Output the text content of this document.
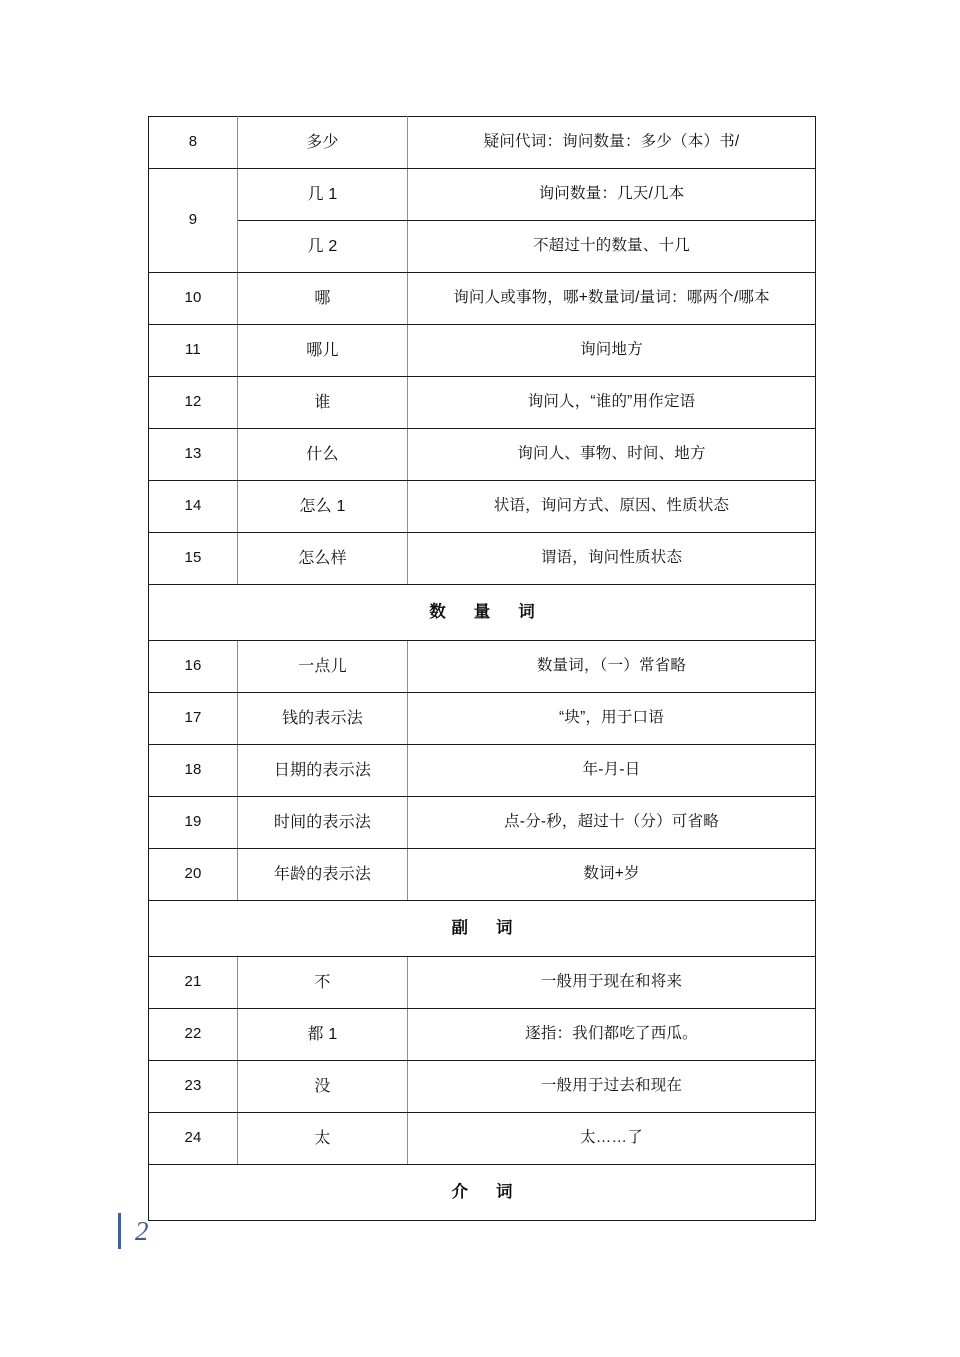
8	多少	疑问代词：询问数量：多少（本）书/
9	几 1	询问数量：几天/几本
	几 2	不超过十的数量、十几
10	哪	询问人或事物，哪+数量词/量词：哪两个/哪本
11	哪儿	询问地方
12	谁	询问人，“谁的”用作定语
13	什么	询问人、事物、时间、地方
14	怎么 1	状语，询问方式、原因、性质状态
15	怎么样	谓语，询问性质状态
数量词		
16	一点儿	数量词，（一）常省略
17	钱的表示法	“块”，用于口语
18	日期的表示法	年-月-日
19	时间的表示法	点-分-秒，超过十（分）可省略
20	年龄的表示法	数词+岁
副词		
21	不	一般用于现在和将来
22	都 1	逐指：我们都吃了西瓜。
23	没	一般用于过去和现在
24	太	太……了
介词		
2
